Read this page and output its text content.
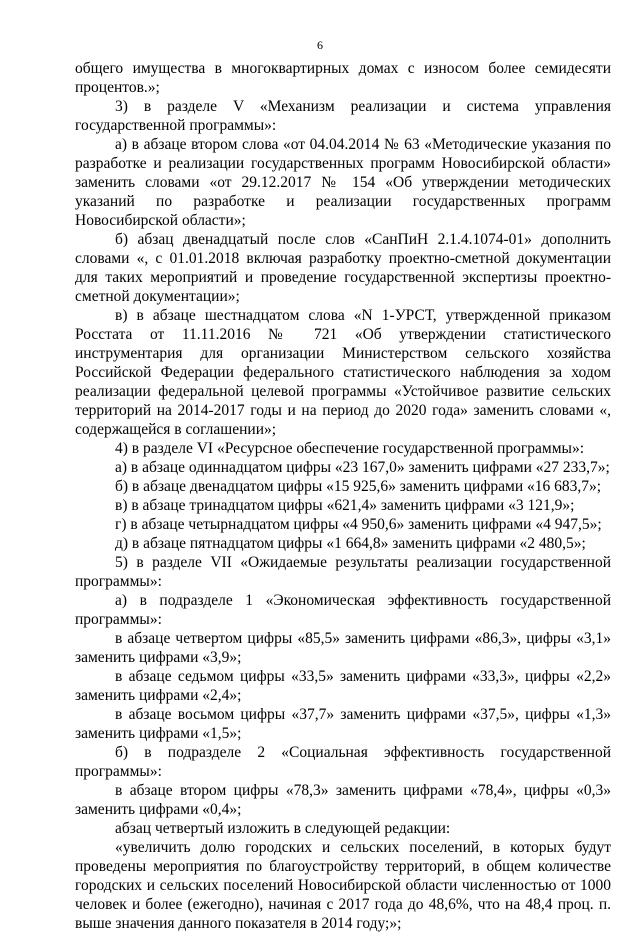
6

общего имущества в многоквартирных домах с износом более семидесяти процентов.»;

3) в разделе V «Механизм реализации и система управления государственной программы»:

а) в абзаце втором слова «от 04.04.2014 № 63 «Методические указания по разработке и реализации государственных программ Новосибирской области» заменить словами «от 29.12.2017 № 154 «Об утверждении методических указаний по разработке и реализации государственных программ Новосибирской области»;

б) абзац двенадцатый после слов «СанПиН 2.1.4.1074-01» дополнить словами «, с 01.01.2018 включая разработку проектно-сметной документации для таких мероприятий и проведение государственной экспертизы проектно-сметной документации»;

в) в абзаце шестнадцатом слова «N 1-УРСТ, утвержденной приказом Росстата от 11.11.2016 № 721 «Об утверждении статистического инструментария для организации Министерством сельского хозяйства Российской Федерации федерального статистического наблюдения за ходом реализации федеральной целевой программы «Устойчивое развитие сельских территорий на 2014-2017 годы и на период до 2020 года» заменить словами «, содержащейся в соглашении»;

4) в разделе VI «Ресурсное обеспечение государственной программы»:

а) в абзаце одиннадцатом цифры «23 167,0» заменить цифрами «27 233,7»;

б) в абзаце двенадцатом цифры «15 925,6» заменить цифрами «16 683,7»;

в) в абзаце тринадцатом цифры «621,4» заменить цифрами «3 121,9»;

г) в абзаце четырнадцатом цифры «4 950,6» заменить цифрами «4 947,5»;

д) в абзаце пятнадцатом цифры «1 664,8» заменить цифрами «2 480,5»;

5) в разделе VII «Ожидаемые результаты реализации государственной программы»:

а) в подразделе 1 «Экономическая эффективность государственной программы»:

в абзаце четвертом цифры «85,5» заменить цифрами «86,3», цифры «3,1» заменить цифрами «3,9»;

в абзаце седьмом цифры «33,5» заменить цифрами «33,3», цифры «2,2» заменить цифрами «2,4»;

в абзаце восьмом цифры «37,7» заменить цифрами «37,5», цифры «1,3» заменить цифрами «1,5»;

б) в подразделе 2 «Социальная эффективность государственной программы»:

в абзаце втором цифры «78,3» заменить цифрами «78,4», цифры «0,3» заменить цифрами «0,4»;

абзац четвертый изложить в следующей редакции:

«увеличить долю городских и сельских поселений, в которых будут проведены мероприятия по благоустройству территорий, в общем количестве городских и сельских поселений Новосибирской области численностью от 1000 человек и более (ежегодно), начиная с 2017 года до 48,6%, что на 48,4 проц. п. выше значения данного показателя в 2014 году;»;
